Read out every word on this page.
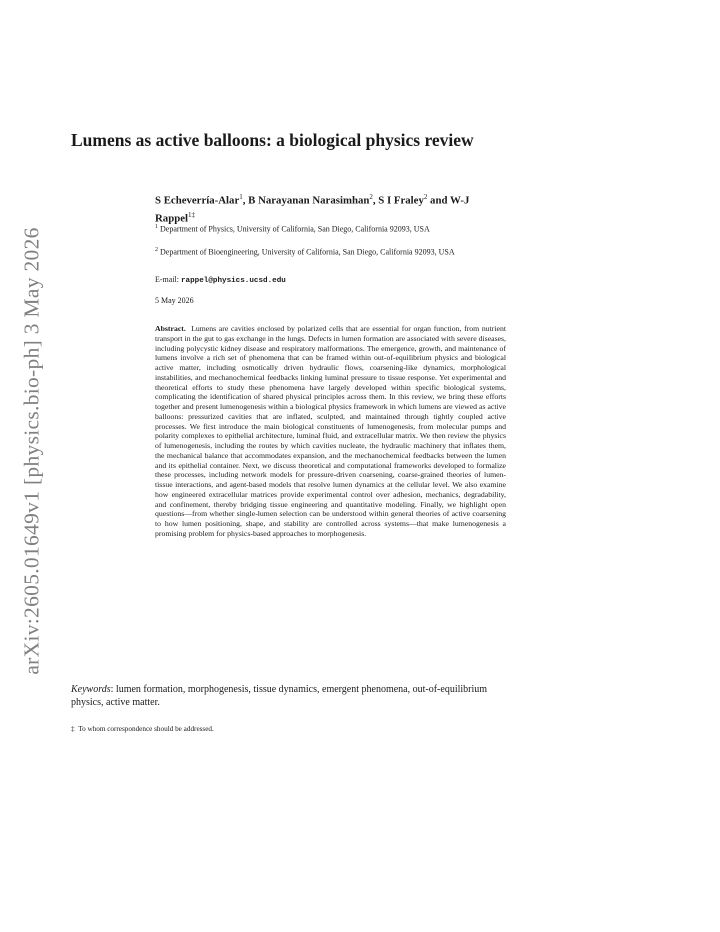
arXiv:2605.01649v1 [physics.bio-ph] 3 May 2026
Lumens as active balloons: a biological physics review
S Echeverría-Alar$^1$, B Narayanan Narasimhan$^2$, S I Fraley$^2$ and W-J Rappel$^{1\ddagger}$
$^1$ Department of Physics, University of California, San Diego, California 92093, USA
$^2$ Department of Bioengineering, University of California, San Diego, California 92093, USA
E-mail: rappel@physics.ucsd.edu
5 May 2026

Abstract. Lumens are cavities enclosed by polarized cells that are essential for organ function, from nutrient transport in the gut to gas exchange in the lungs. Defects in lumen formation are associated with severe diseases, including polycystic kidney disease and respiratory malformations. The emergence, growth, and maintenance of lumens involve a rich set of phenomena that can be framed within out-of-equilibrium physics and biological active matter, including osmotically driven hydraulic flows, coarsening-like dynamics, morphological instabilities, and mechanochemical feedbacks linking luminal pressure to tissue response. Yet experimental and theoretical efforts to study these phenomena have largely developed within specific biological systems, complicating the identification of shared physical principles across them. In this review, we bring these efforts together and present lumenogenesis within a biological physics framework in which lumens are viewed as active balloons: pressurized cavities that are inflated, sculpted, and maintained through tightly coupled active processes. We first introduce the main biological constituents of lumenogenesis, from molecular pumps and polarity complexes to epithelial architecture, luminal fluid, and extracellular matrix. We then review the physics of lumenogenesis, including the routes by which cavities nucleate, the hydraulic machinery that inflates them, the mechanical balance that accommodates expansion, and the mechanochemical feedbacks between the lumen and its epithelial container. Next, we discuss theoretical and computational frameworks developed to formalize these processes, including network models for pressure-driven coarsening, coarse-grained theories of lumen-tissue interactions, and agent-based models that resolve lumen dynamics at the cellular level. We also examine how engineered extracellular matrices provide experimental control over adhesion, mechanics, degradability, and confinement, thereby bridging tissue engineering and quantitative modeling. Finally, we highlight open questions—from whether single-lumen selection can be understood within general theories of active coarsening to how lumen positioning, shape, and stability are controlled across systems—that make lumenogenesis a promising problem for physics-based approaches to morphogenesis.

Keywords: lumen formation, morphogenesis, tissue dynamics, emergent phenomena, out-of-equilibrium physics, active matter.

‡ To whom correspondence should be addressed.
